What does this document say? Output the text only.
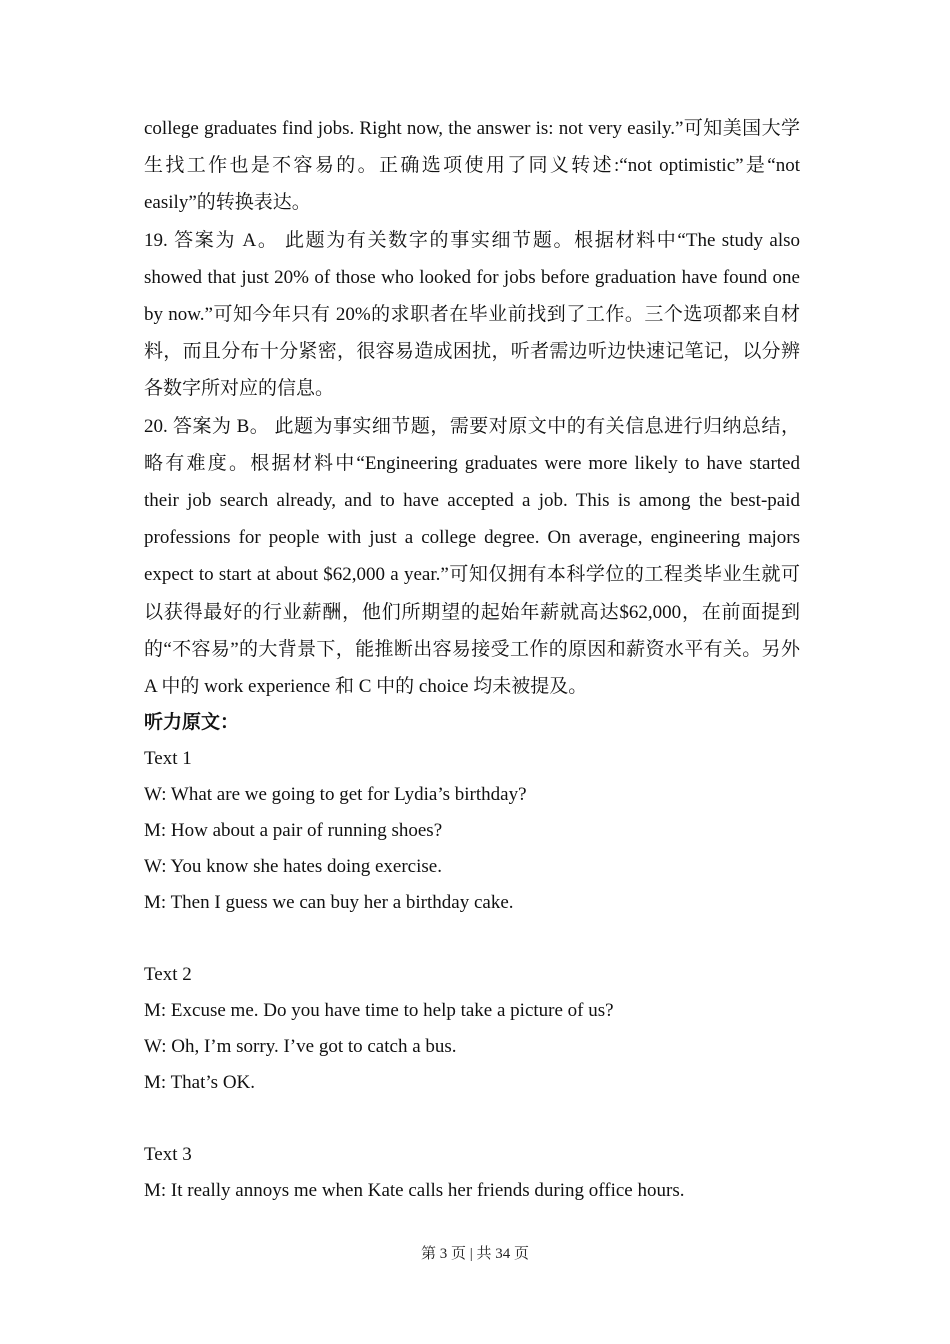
college graduates find jobs. Right now, the answer is: not very easily.”可知美国大学生找工作也是不容易的。正确选项使用了同义转述:“not optimistic”是“not easily”的转换表达。

19. 答案为 A。 此题为有关数字的事实细节题。根据材料中“The study also showed that just 20% of those who looked for jobs before graduation have found one by now.”可知今年只有 20%的求职者在毕业前找到了工作。三个选项都来自材料，而且分布十分紧密，很容易造成困扰，听者需边听边快速记笔记，以分辨各数字所对应的信息。

20. 答案为 B。 此题为事实细节题，需要对原文中的有关信息进行归纳总结，略有难度。根据材料中“Engineering graduates were more likely to have started their job search already, and to have accepted a job. This is among the best-paid professions for people with just a college degree. On average, engineering majors expect to start at about $62,000 a year.”可知仅拥有本科学位的工程类毕业生就可以获得最好的行业薪酬，他们所期望的起始年薪就高达$62,000，在前面提到的“不容易”的大背景下，能推断出容易接受工作的原因和薪资水平有关。另外 A 中的 work experience 和 C 中的 choice 均未被提及。

听力原文：

Text 1

W: What are we going to get for Lydia’s birthday?

M: How about a pair of running shoes?

W: You know she hates doing exercise.

M: Then I guess we can buy her a birthday cake.

Text 2

M: Excuse me. Do you have time to help take a picture of us?

W: Oh, I’m sorry. I’ve got to catch a bus.

M: That’s OK.

Text 3

M: It really annoys me when Kate calls her friends during office hours.

第 3 页 | 共 34 页
